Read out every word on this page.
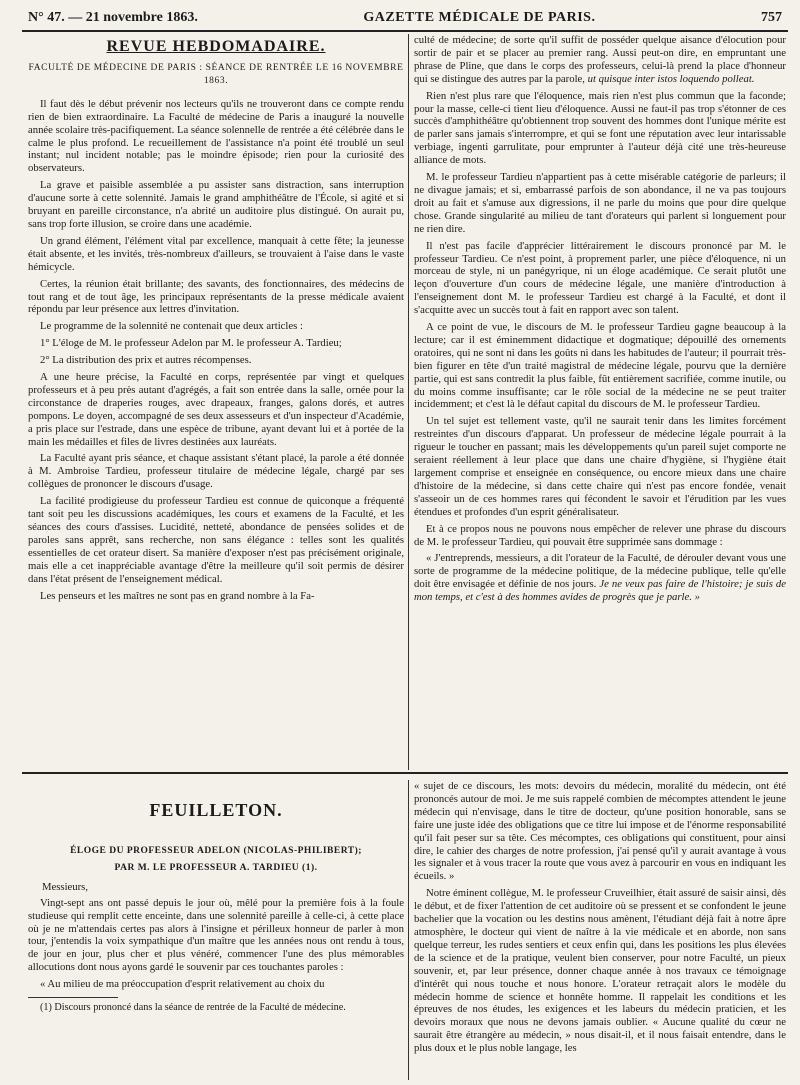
N° 47. — 21 novembre 1863.	GAZETTE MÉDICALE DE PARIS.	757
REVUE HEBDOMADAIRE.

FACULTÉ DE MÉDECINE DE PARIS : SÉANCE DE RENTRÉE LE 16 NOVEMBRE 1863.

Il faut dès le début prévenir nos lecteurs qu'ils ne trouveront dans ce compte rendu rien de bien extraordinaire. La Faculté de médecine de Paris a inauguré la nouvelle année scolaire très-pacifiquement. La séance solennelle de rentrée a été célébrée dans le calme le plus profond. Le recueillement de l'assistance n'a point été troublé un seul instant; nul incident notable; pas le moindre épisode; rien pour la curiosité des observateurs.

La grave et paisible assemblée a pu assister sans distraction, sans interruption d'aucune sorte à cette solennité. Jamais le grand amphithéâtre de l'École, si agité et si bruyant en pareille circonstance, n'a abrité un auditoire plus distingué. On aurait pu, sans trop forte illusion, se croire dans une académie.

Un grand élément, l'élément vital par excellence, manquait à cette fête; la jeunesse était absente, et les invités, très-nombreux d'ailleurs, se trouvaient à l'aise dans le vaste hémicycle.

Certes, la réunion était brillante; des savants, des fonctionnaires, des médecins de tout rang et de tout âge, les principaux représentants de la presse médicale avaient répondu par leur présence aux lettres d'invitation.

Le programme de la solennité ne contenait que deux articles :

1° L'éloge de M. le professeur Adelon par M. le professeur A. Tardieu;

2° La distribution des prix et autres récompenses.

A une heure précise, la Faculté en corps, représentée par vingt et quelques professeurs et à peu près autant d'agrégés, a fait son entrée dans la salle, ornée pour la circonstance de draperies rouges, avec drapeaux, franges, galons dorés, et autres pompons. Le doyen, accompagné de ses deux assesseurs et d'un inspecteur d'Académie, a pris place sur l'estrade, dans une espèce de tribune, ayant devant lui et à portée de la main les médailles et files de livres destinées aux lauréats.

La Faculté ayant pris séance, et chaque assistant s'étant placé, la parole a été donnée à M. Ambroise Tardieu, professeur titulaire de médecine légale, chargé par ses collègues de prononcer le discours d'usage.

La facilité prodigieuse du professeur Tardieu est connue de quiconque a fréquenté tant soit peu les discussions académiques, les cours et examens de la Faculté, et les séances des cours d'assises. Lucidité, netteté, abondance de pensées solides et de paroles sans apprêt, sans recherche, non sans élégance : telles sont les qualités essentielles de cet orateur disert. Sa manière d'exposer n'est pas précisément originale, mais elle a cet inappréciable avantage d'être la meilleure qu'il soit permis de désirer dans l'état présent de l'enseignement médical.

Les penseurs et les maîtres ne sont pas en grand nombre à la Fa-

culté de médecine; de sorte qu'il suffit de posséder quelque aisance d'élocution pour sortir de pair et se placer au premier rang. Aussi peut-on dire, en empruntant une phrase de Pline, que dans le corps des professeurs, celui-là prend la place d'honneur qui se distingue des autres par la parole, ut quisque inter istos loquendo polleat.

Rien n'est plus rare que l'éloquence, mais rien n'est plus commun que la faconde; pour la masse, celle-ci tient lieu d'éloquence. Aussi ne faut-il pas trop s'étonner de ces succès d'amphithéâtre qu'obtiennent trop souvent des hommes dont l'unique mérite est de parler sans jamais s'interrompre, et qui se font une réputation avec leur intarissable verbiage, ingenti garrulitate, pour emprunter à l'auteur déjà cité une très-heureuse alliance de mots.

M. le professeur Tardieu n'appartient pas à cette misérable catégorie de parleurs; il ne divague jamais; et si, embarrassé parfois de son abondance, il ne va pas toujours droit au fait et s'amuse aux digressions, il ne parle du moins que pour dire quelque chose. Grande singularité au milieu de tant d'orateurs qui parlent si longuement pour ne rien dire.

Il n'est pas facile d'apprécier littérairement le discours prononcé par M. le professeur Tardieu. Ce n'est point, à proprement parler, une pièce d'éloquence, ni un morceau de style, ni un panégyrique, ni un éloge académique. Ce serait plutôt une leçon d'ouverture d'un cours de médecine légale, une manière d'introduction à l'enseignement dont M. le professeur Tardieu est chargé à la Faculté, et dont il s'acquitte avec un succès tout à fait en rapport avec son talent.

A ce point de vue, le discours de M. le professeur Tardieu gagne beaucoup à la lecture; car il est éminemment didactique et dogmatique; dépouillé des ornements oratoires, qui ne sont ni dans les goûts ni dans les habitudes de l'auteur; il pourrait très-bien figurer en tête d'un traité magistral de médecine légale, pourvu que la dernière partie, qui est sans contredit la plus faible, fût entièrement sacrifiée, comme inutile, ou du moins comme insuffisante; car le rôle social de la médecine ne se peut traiter incidemment; et c'est là le défaut capital du discours de M. le professeur Tardieu.

Un tel sujet est tellement vaste, qu'il ne saurait tenir dans les limites forcément restreintes d'un discours d'apparat. Un professeur de médecine légale pourrait à la rigueur le toucher en passant; mais les développements qu'un pareil sujet comporte ne seraient réellement à leur place que dans une chaire d'hygiène, si l'hygiène était largement comprise et enseignée en conséquence, ou encore mieux dans une chaire d'histoire de la médecine, si dans cette chaire qui n'est pas encore fondée, venait s'asseoir un de ces hommes rares qui fécondent le savoir et l'érudition par les vues étendues et profondes d'un esprit généralisateur.

Et à ce propos nous ne pouvons nous empêcher de relever une phrase du discours de M. le professeur Tardieu, qui pouvait être supprimée sans dommage :

« J'entreprends, messieurs, a dit l'orateur de la Faculté, de dérouler devant vous une sorte de programme de la médecine politique, de la médecine publique, telle qu'elle doit être envisagée et définie de nos jours. Je ne veux pas faire de l'histoire; je suis de mon temps, et c'est à des hommes avides de progrès que je parle. »

FEUILLETON.

ÉLOGE DU PROFESSEUR ADELON (NICOLAS-PHILIBERT);

PAR M. LE PROFESSEUR A. TARDIEU (1).

Messieurs,

Vingt-sept ans ont passé depuis le jour où, mêlé pour la première fois à la foule studieuse qui remplit cette enceinte, dans une solennité pareille à celle-ci, à cette place où je ne m'attendais certes pas alors à l'insigne et périlleux honneur de parler à mon tour, j'entendis la voix sympathique d'un maître que les années nous ont rendu à tous, de jour en jour, plus cher et plus vénéré, commencer l'une des plus mémorables allocutions dont nous ayons gardé le souvenir par ces touchantes paroles :

« Au milieu de ma préoccupation d'esprit relativement au choix du

(1) Discours prononcé dans la séance de rentrée de la Faculté de médecine.

« sujet de ce discours, les mots: devoirs du médecin, moralité du médecin, ont été prononcés autour de moi. Je me suis rappelé combien de mécomptes attendent le jeune médecin qui n'envisage, dans le titre de docteur, qu'une position honorable, sans se faire une juste idée des obligations que ce titre lui impose et de l'énorme responsabilité qu'il fait peser sur sa tête. Ces mécomptes, ces obligations qui constituent, pour ainsi dire, le cahier des charges de notre profession, j'ai pensé qu'il y aurait avantage à vous les signaler et à vous tracer la route que vous avez à parcourir en vous en indiquant les écueils. »

Notre éminent collègue, M. le professeur Cruveilhier, était assuré de saisir ainsi, dès le début, et de fixer l'attention de cet auditoire où se pressent et se confondent le jeune bachelier que la vocation ou les destins nous amènent, l'étudiant déjà fait à notre âpre atmosphère, le docteur qui vient de naître à la vie médicale et en aborde, non sans quelque terreur, les rudes sentiers et ceux enfin qui, dans les positions les plus élevées de la science et de la pratique, veulent bien conserver, pour notre Faculté, un pieux souvenir, et, par leur présence, donner chaque année à nos travaux ce témoignage d'intérêt qui nous touche et nous honore. L'orateur retraçait alors le modèle du médecin homme de science et honnête homme. Il rappelait les conditions et les épreuves de nos études, les exigences et les labeurs du médecin praticien, et les devoirs moraux que nous ne devons jamais oublier. « Aucune qualité du cœur ne saurait être étrangère au médecin, » nous disait-il, et il nous faisait entendre, dans le plus doux et le plus noble langage, les
